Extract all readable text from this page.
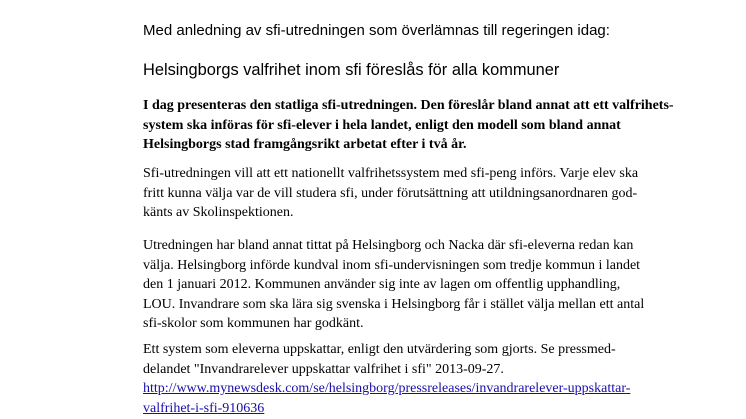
Med anledning av sfi-utredningen som överlämnas till regeringen idag:
Helsingborgs valfrihet inom sfi föreslås för alla kommuner
I dag presenteras den statliga sfi-utredningen. Den föreslår bland annat att ett valfrihets-
system ska införas för sfi-elever i hela landet, enligt den modell som bland annat
Helsingborgs stad framgångsrikt arbetat efter i två år.
Sfi-utredningen vill att ett nationellt valfrihetssystem med sfi-peng införs. Varje elev ska
fritt kunna välja var de vill studera sfi, under förutsättning att utildningsanordnaren god-
känts av Skolinspektionen.
Utredningen har bland annat tittat på Helsingborg och Nacka där sfi-eleverna redan kan
välja. Helsingborg införde kundval inom sfi-undervisningen som tredje kommun i landet
den 1 januari 2012. Kommunen använder sig inte av lagen om offentlig upphandling,
LOU. Invandrare som ska lära sig svenska i Helsingborg får i stället välja mellan ett antal
sfi-skolor som kommunen har godkänt.
Ett system som eleverna uppskattar, enligt den utvärdering som gjorts. Se pressmed-
delandet "Invandrarelever uppskattar valfrihet i sfi" 2013-09-27.
http://www.mynewsdesk.com/se/helsingborg/pressreleases/invandrarelever-uppskattar-
valfrihet-i-sfi-910636
